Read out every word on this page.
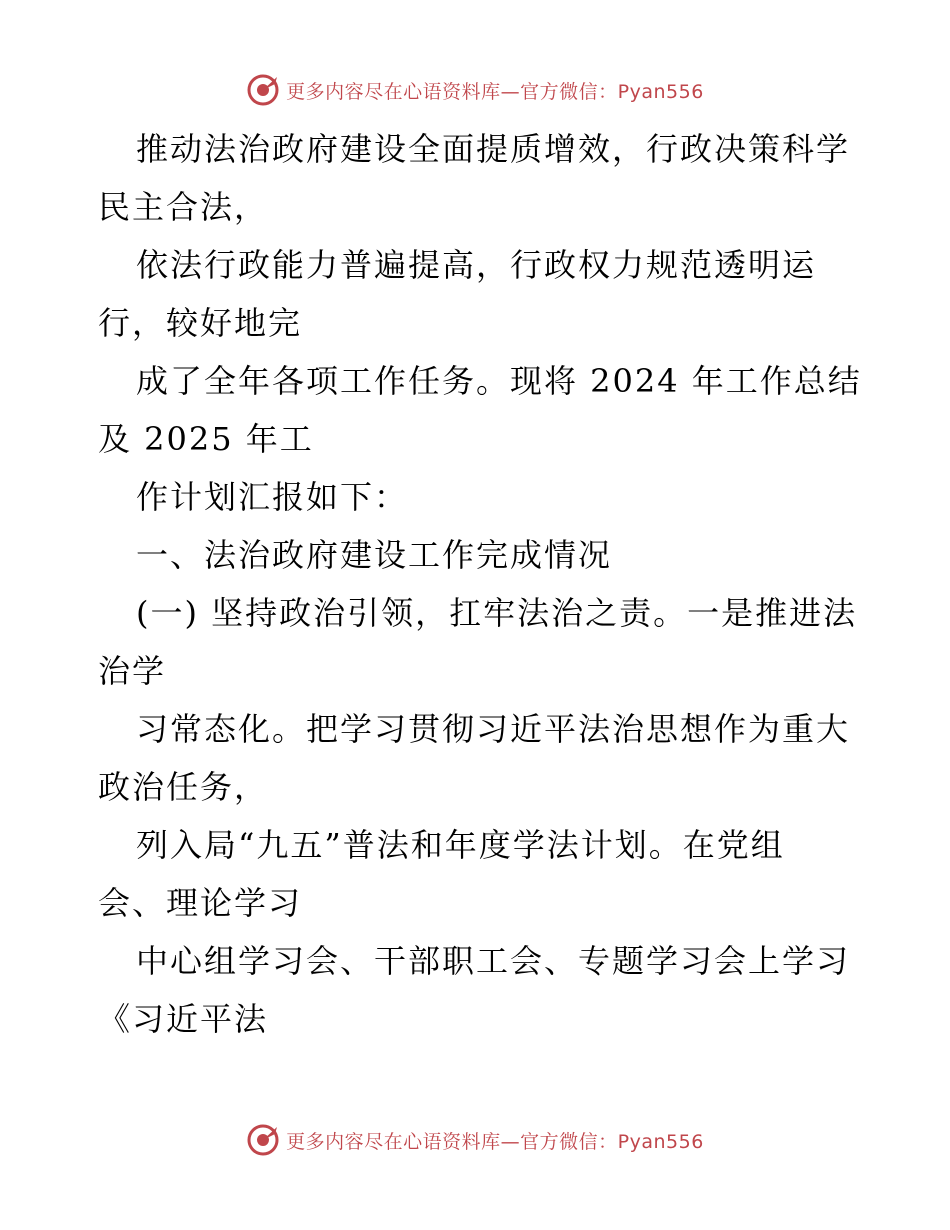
更多内容尽在心语资料库—官方微信：Pyan556
推动法治政府建设全面提质增效，行政决策科学
民主合法，
依法行政能力普遍提高，行政权力规范透明运
行，较好地完
成了全年各项工作任务。现将 2024 年工作总结
及 2025 年工
作计划汇报如下：
一、法治政府建设工作完成情况
(一) 坚持政治引领，扛牢法治之责。一是推进法
治学
习常态化。把学习贯彻习近平法治思想作为重大
政治任务，
列入局“九五”普法和年度学法计划。在党组
会、理论学习
中心组学习会、干部职工会、专题学习会上学习
《习近平法
更多内容尽在心语资料库—官方微信：Pyan556
